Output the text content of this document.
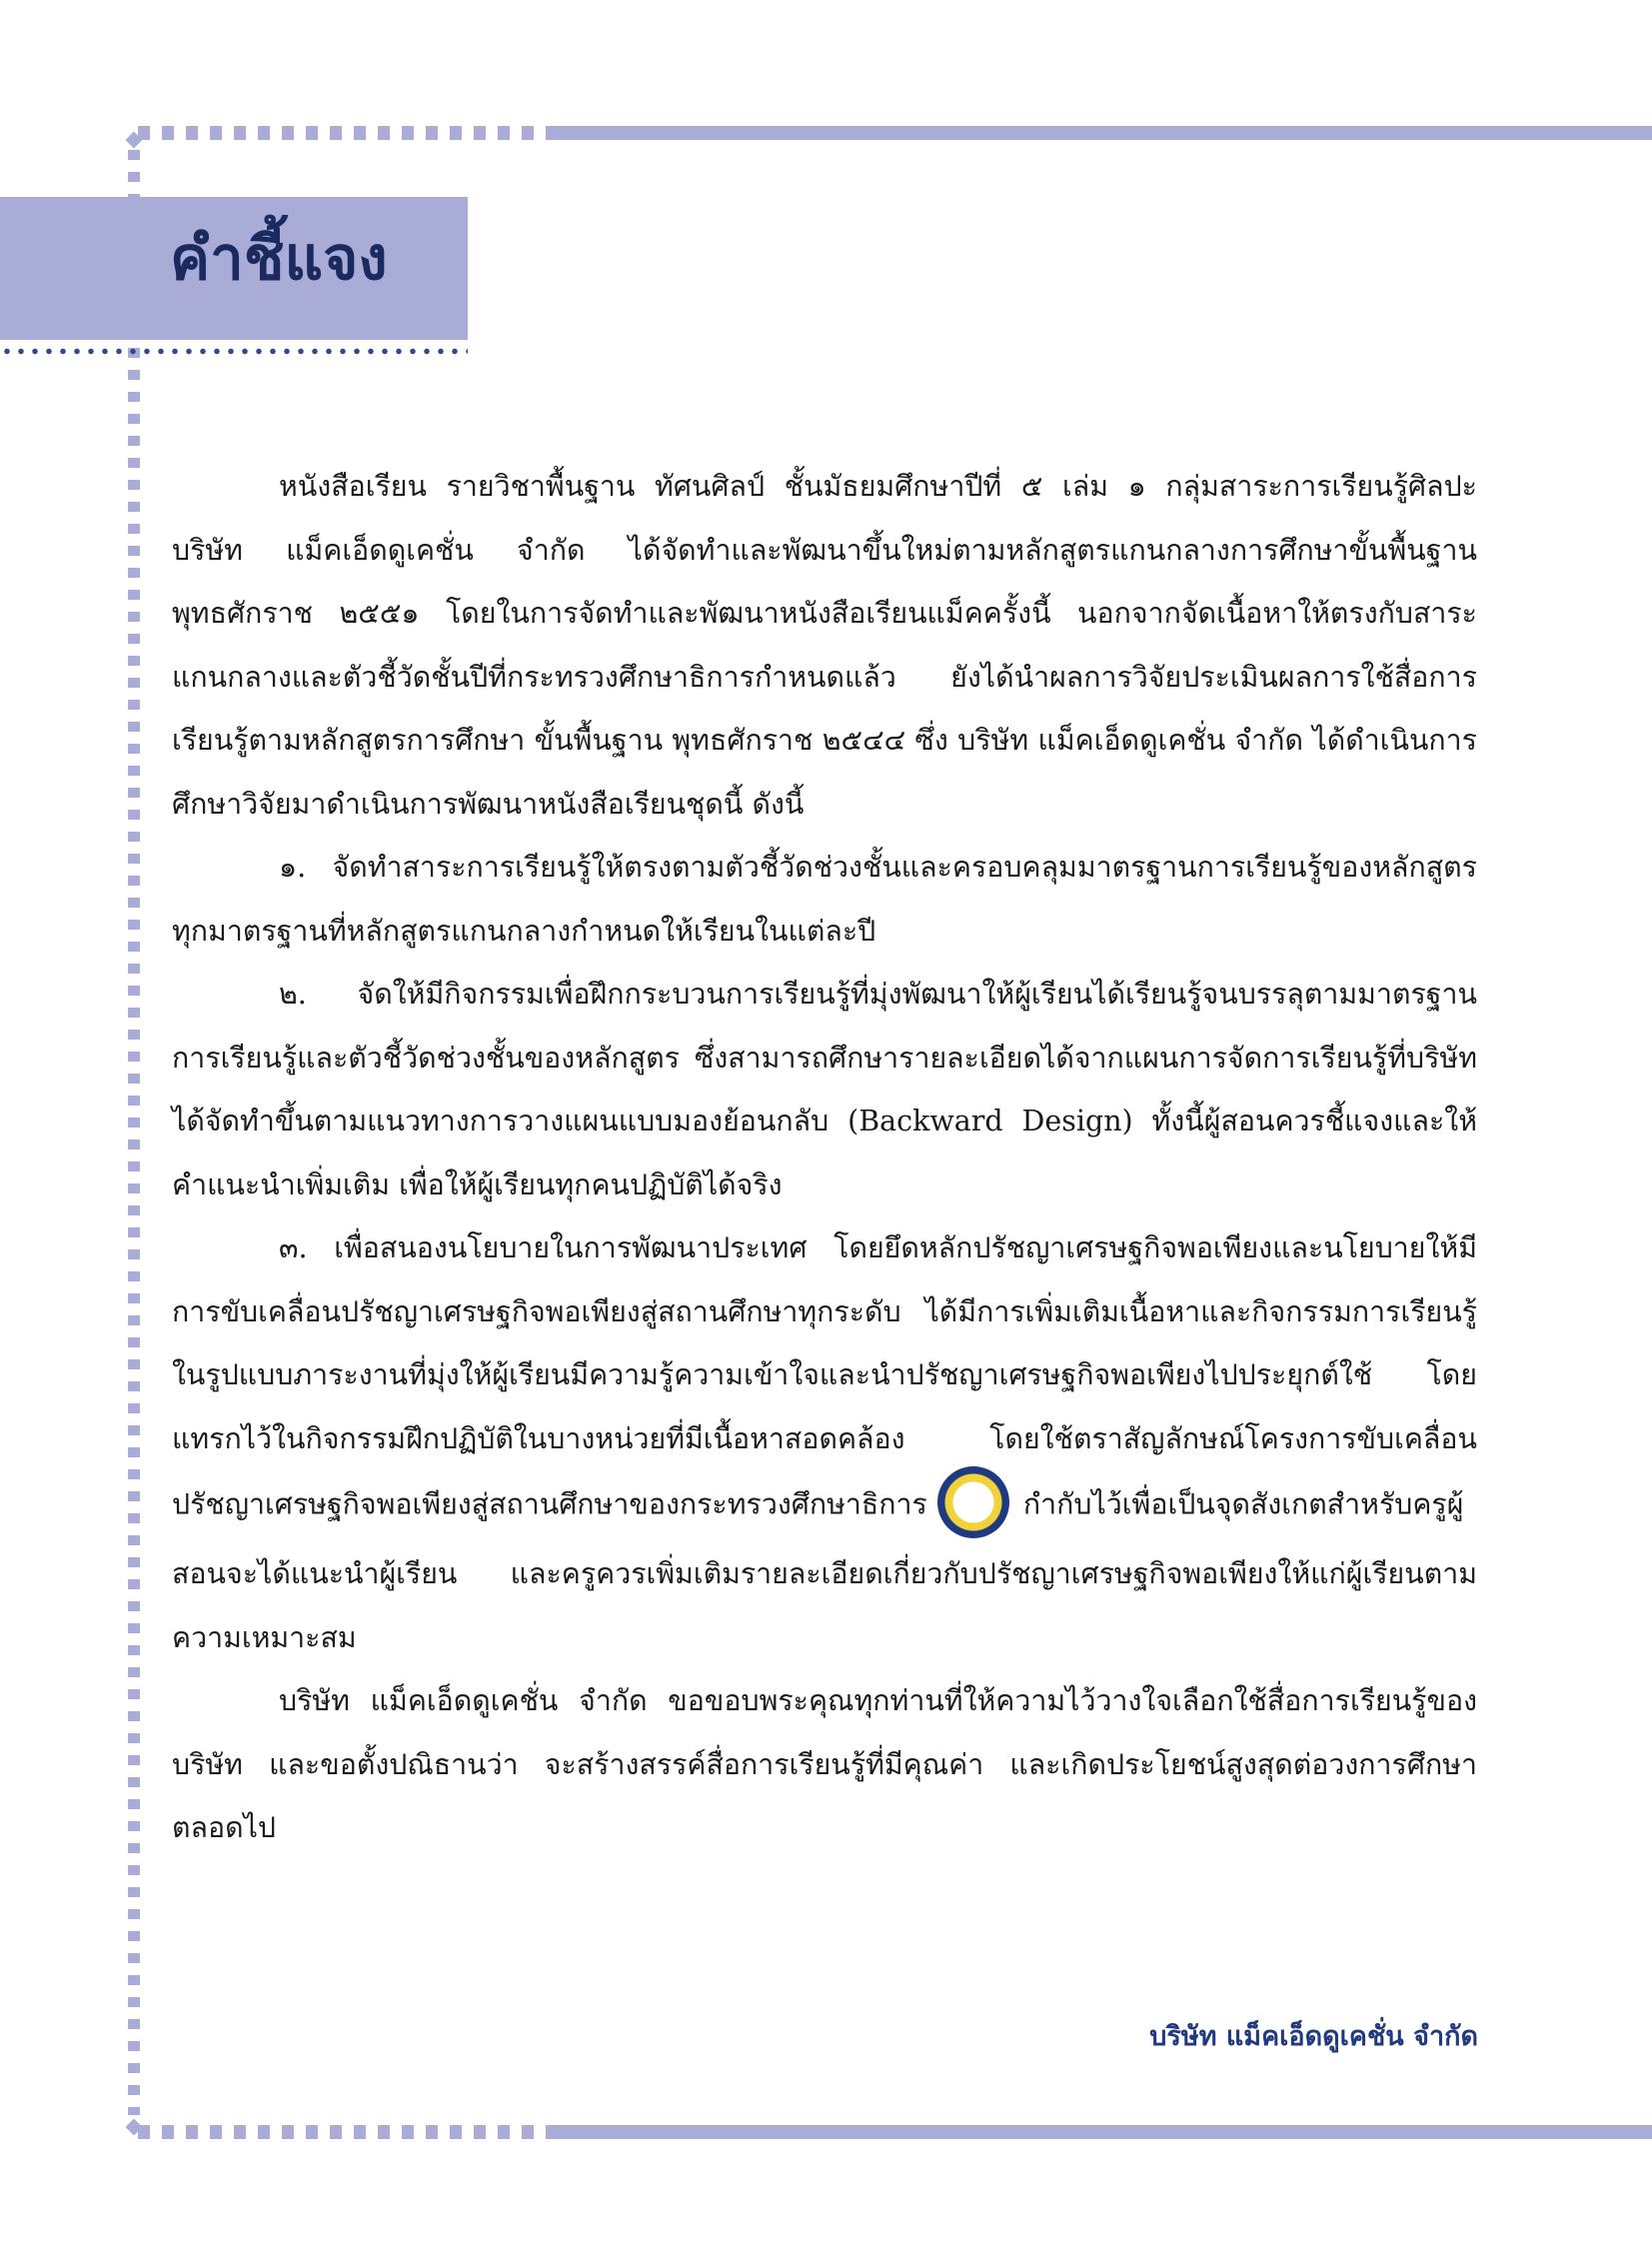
คำชี้แจง

หนังสือเรียน รายวิชาพื้นฐาน ทัศนศิลป์ ชั้นมัธยมศึกษาปีที่ ๕ เล่ม ๑ กลุ่มสาระการเรียนรู้ศิลปะ บริษัท แม็คเอ็ดดูเคชั่น จำกัด ได้จัดทำและพัฒนาขึ้นใหม่ตามหลักสูตรแกนกลางการศึกษาขั้นพื้นฐาน พุทธศักราช ๒๕๕๑ โดยในการจัดทำและพัฒนาหนังสือเรียนแม็คครั้งนี้ นอกจากจัดเนื้อหาให้ตรงกับสาระแกนกลางและตัวชี้วัดชั้นปีที่กระทรวงศึกษาธิการกำหนดแล้ว ยังได้นำผลการวิจัยประเมินผลการใช้สื่อการเรียนรู้ตามหลักสูตรการศึกษา ขั้นพื้นฐาน พุทธศักราช ๒๕๔๔ ซึ่ง บริษัท แม็คเอ็ดดูเคชั่น จำกัด ได้ดำเนินการศึกษาวิจัยมาดำเนินการพัฒนาหนังสือเรียนชุดนี้ ดังนี้

๑. จัดทำสาระการเรียนรู้ให้ตรงตามตัวชี้วัดช่วงชั้นและครอบคลุมมาตรฐานการเรียนรู้ของหลักสูตรทุกมาตรฐานที่หลักสูตรแกนกลางกำหนดให้เรียนในแต่ละปี

๒. จัดให้มีกิจกรรมเพื่อฝึกกระบวนการเรียนรู้ที่มุ่งพัฒนาให้ผู้เรียนได้เรียนรู้จนบรรลุตามมาตรฐานการเรียนรู้และตัวชี้วัดช่วงชั้นของหลักสูตร ซึ่งสามารถศึกษารายละเอียดได้จากแผนการจัดการเรียนรู้ที่บริษัทได้จัดทำขึ้นตามแนวทางการวางแผนแบบมองย้อนกลับ (Backward Design) ทั้งนี้ผู้สอนควรชี้แจงและให้คำแนะนำเพิ่มเติม เพื่อให้ผู้เรียนทุกคนปฏิบัติได้จริง

๓. เพื่อสนองนโยบายในการพัฒนาประเทศ โดยยึดหลักปรัชญาเศรษฐกิจพอเพียงและนโยบายให้มีการขับเคลื่อนปรัชญาเศรษฐกิจพอเพียงสู่สถานศึกษาทุกระดับ ได้มีการเพิ่มเติมเนื้อหาและกิจกรรมการเรียนรู้ในรูปแบบภาระงานที่มุ่งให้ผู้เรียนมีความรู้ความเข้าใจและนำปรัชญาเศรษฐกิจพอเพียงไปประยุกต์ใช้ โดยแทรกไว้ในกิจกรรมฝึกปฏิบัติในบางหน่วยที่มีเนื้อหาสอดคล้อง โดยใช้ตราสัญลักษณ์โครงการขับเคลื่อนปรัชญาเศรษฐกิจพอเพียงสู่สถานศึกษาของกระทรวงศึกษาธิการ	กำกับไว้เพื่อเป็นจุดสังเกตสำหรับครูผู้สอนจะได้แนะนำผู้เรียน และครูควรเพิ่มเติมรายละเอียดเกี่ยวกับปรัชญาเศรษฐกิจพอเพียงให้แก่ผู้เรียนตามความเหมาะสม

บริษัท แม็คเอ็ดดูเคชั่น จำกัด ขอขอบพระคุณทุกท่านที่ให้ความไว้วางใจเลือกใช้สื่อการเรียนรู้ของบริษัท และขอตั้งปณิธานว่า จะสร้างสรรค์สื่อการเรียนรู้ที่มีคุณค่า และเกิดประโยชน์สูงสุดต่อวงการศึกษาตลอดไป

บริษัท แม็คเอ็ดดูเคชั่น จำกัด
